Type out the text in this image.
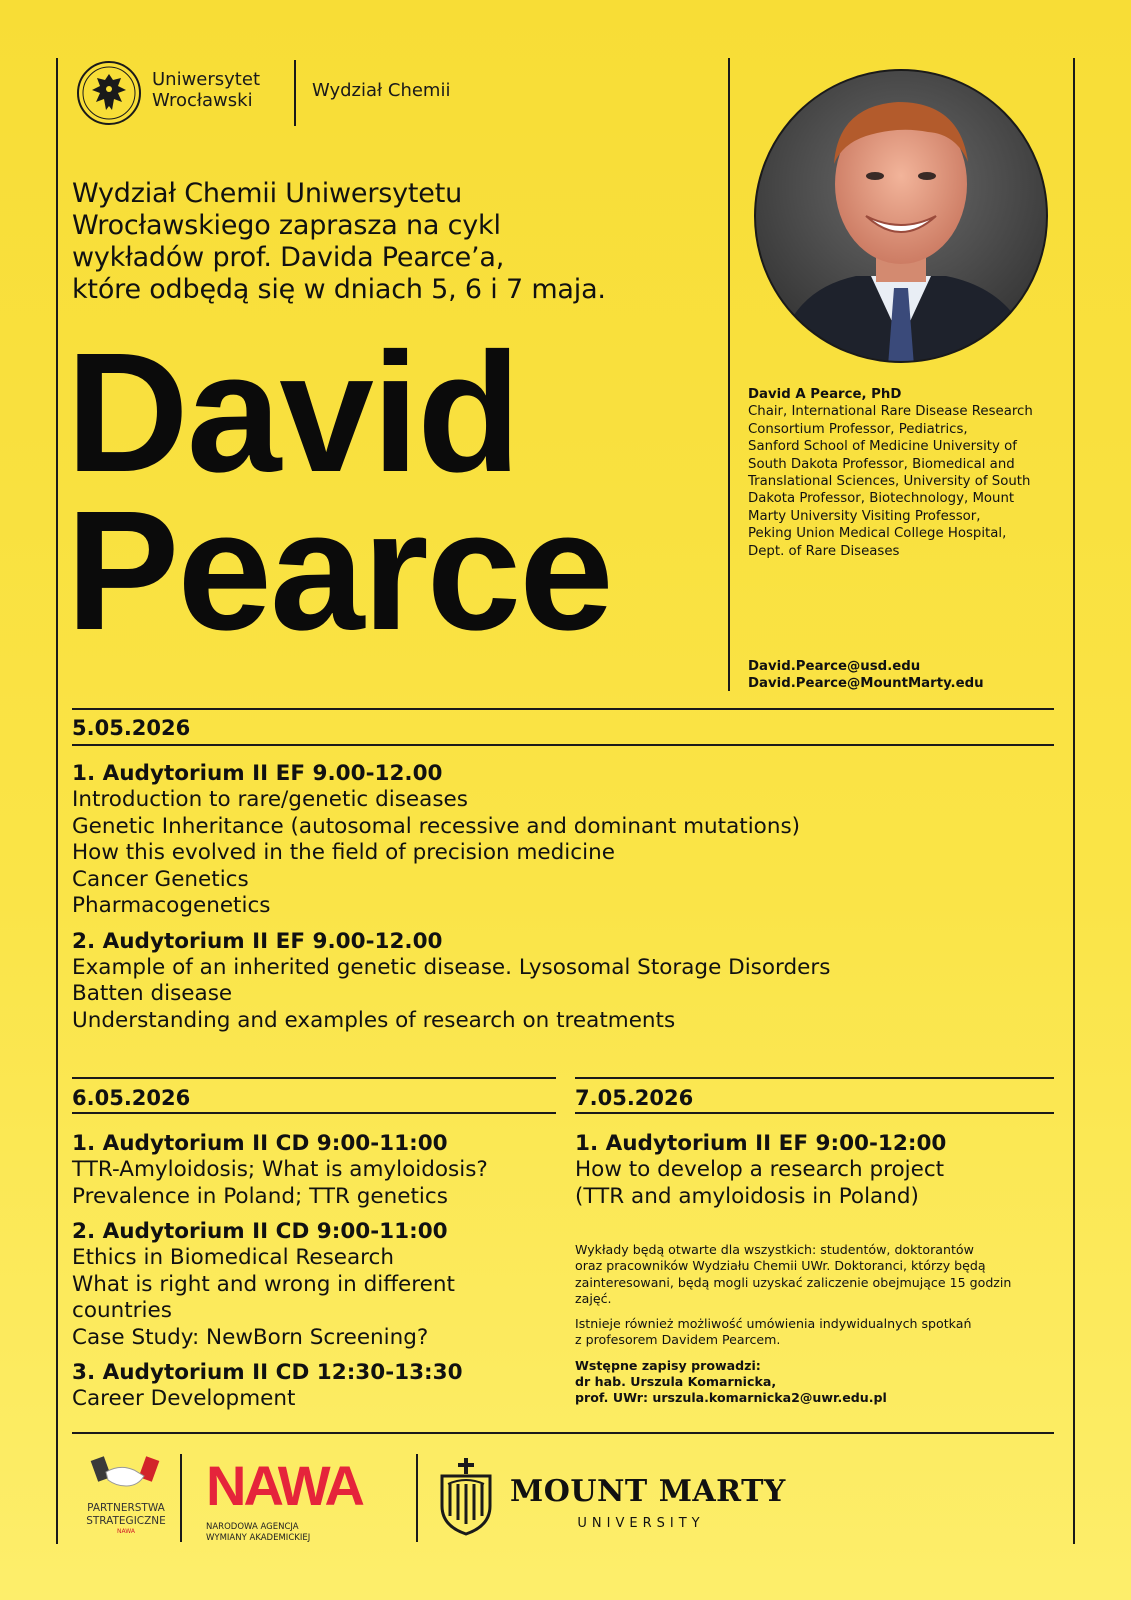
Uniwersytet
Wrocławski	Wydział Chemii
Wydział Chemii Uniwersytetu
Wrocławskiego zaprasza na cykl
wykładów prof. Davida Pearce’a,
które odbędą się w dniach 5, 6 i 7 maja.
David
Pearce
David A Pearce, PhD
Chair, International Rare Disease Research
Consortium Professor, Pediatrics,
Sanford School of Medicine University of
South Dakota Professor, Biomedical and
Translational Sciences, University of South
Dakota Professor, Biotechnology, Mount
Marty University Visiting Professor,
Peking Union Medical College Hospital,
Dept. of Rare Diseases
David.Pearce@usd.edu
David.Pearce@MountMarty.edu
5.05.2026
1. Audytorium II EF 9.00-12.00
Introduction to rare/genetic diseases
Genetic Inheritance (autosomal recessive and dominant mutations)
How this evolved in the field of precision medicine
Cancer Genetics
Pharmacogenetics
2. Audytorium II EF 9.00-12.00
Example of an inherited genetic disease. Lysosomal Storage Disorders
Batten disease
Understanding and examples of research on treatments
6.05.2026
1. Audytorium II CD 9:00-11:00
TTR-Amyloidosis; What is amyloidosis?
Prevalence in Poland; TTR genetics
2. Audytorium II CD 9:00-11:00
Ethics in Biomedical Research
What is right and wrong in different
countries
Case Study: NewBorn Screening?
3. Audytorium II CD 12:30-13:30
Career Development
7.05.2026
1. Audytorium II EF 9:00-12:00
How to develop a research project
(TTR and amyloidosis in Poland)

Wykłady będą otwarte dla wszystkich: studentów, doktorantów
oraz pracowników Wydziału Chemii UWr. Doktoranci, którzy będą
zainteresowani, będą mogli uzyskać zaliczenie obejmujące 15 godzin
zajęć.

Istnieje również możliwość umówienia indywidualnych spotkań
z profesorem Davidem Pearcem.

Wstępne zapisy prowadzi:
dr hab. Urszula Komarnicka,
prof. UWr: urszula.komarnicka2@uwr.edu.pl

PARTNERSTWA
STRATEGICZNE
NAWA
NAWA
NARODOWA AGENCJA
WYMIANY AKADEMICKIEJ
MOUNT MARTY
UNIVERSITY
